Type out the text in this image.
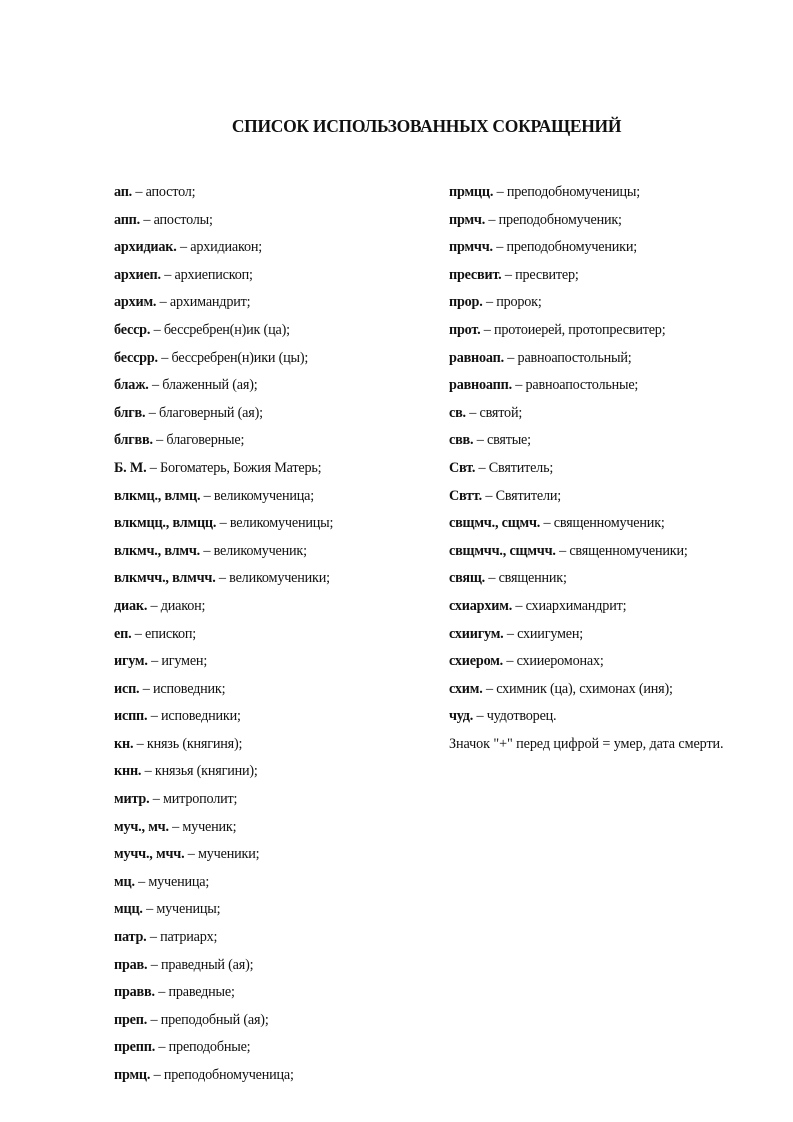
СПИСОК ИСПОЛЬЗОВАННЫХ СОКРАЩЕНИЙ
ап. – апостол;
апп. – апостолы;
архидиак. – архидиакон;
архиеп. – архиепископ;
архим. – архимандрит;
бесср. – бессребрен(н)ик (ца);
бессрр. – бессребрен(н)ики (цы);
блаж. – блаженный (ая);
блгв. – благоверный (ая);
блгвв. – благоверные;
Б. М. – Богоматерь, Божия Матерь;
влкмц., влмц. – великомученица;
влкмцц., влмцц. – великомученицы;
влкмч., влмч. – великомученик;
влкмчч., влмчч. – великомученики;
диак. – диакон;
еп. – епископ;
игум. – игумен;
исп. – исповедник;
испп. – исповедники;
кн. – князь (княгиня);
кнн. – князья (княгини);
митр. – митрополит;
муч., мч. – мученик;
мучч., мчч. – мученики;
мц. – мученица;
мцц. – мученицы;
патр. – патриарх;
прав. – праведный (ая);
правв. – праведные;
преп. – преподобный (ая);
препп. – преподобные;
прмц. – преподобномученица;
прмцц. – преподобномученицы;
прмч. – преподобномученик;
прмчч. – преподобномученики;
пресвит. – пресвитер;
прор. – пророк;
прот. – протоиерей, протопресвитер;
равноап. – равноапостольный;
равноапп. – равноапостольные;
св. – святой;
свв. – святые;
Свт. – Святитель;
Свтт. – Святители;
свщмч., сщмч. – священномученик;
свщмчч., сщмчч. – священномученики;
свящ. – священник;
схиархим. – схиархимандрит;
схиигум. – схиигумен;
схиером. – схииеромонах;
схим. – схимник (ца), схимонах (иня);
чуд. – чудотворец.
Значок "+" перед цифрой = умер, дата смерти.
